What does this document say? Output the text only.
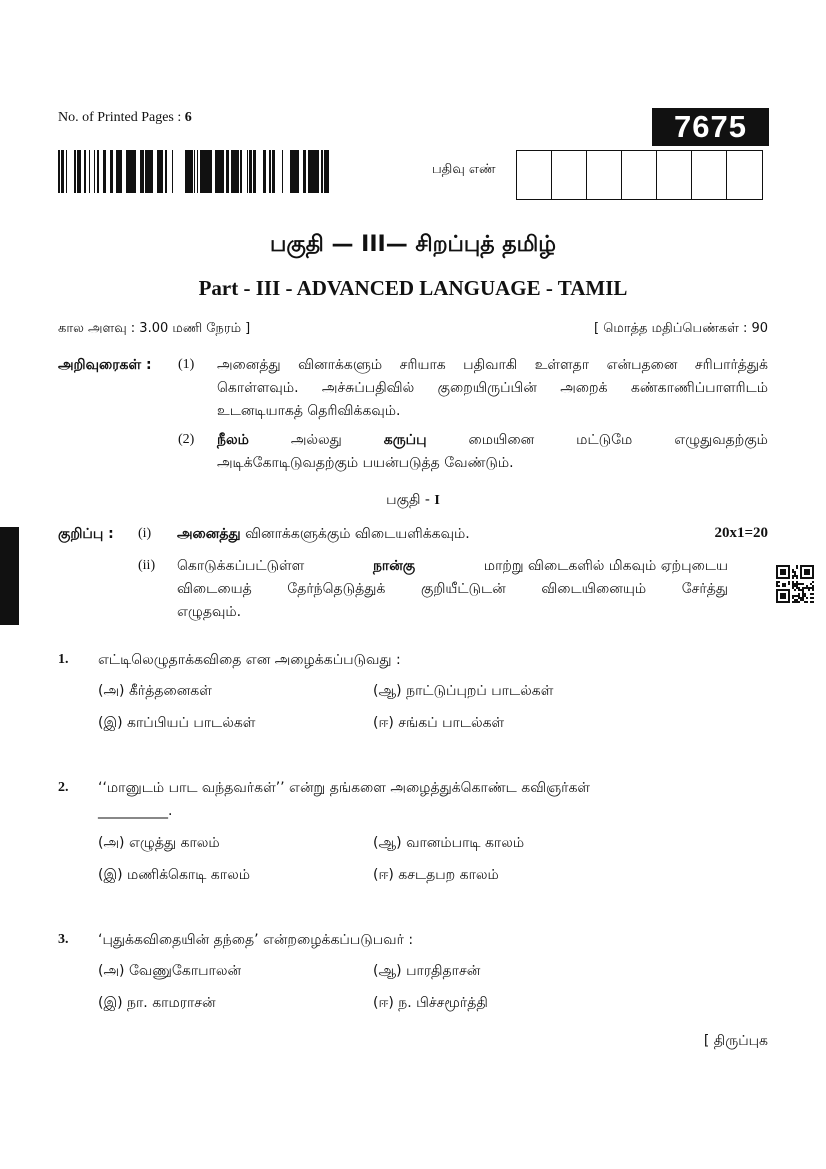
No. of Printed Pages : 6	7675
பதிவு எண்
பகுதி — III— சிறப்புத் தமிழ்
Part - III - ADVANCED LANGUAGE - TAMIL
கால அளவு : 3.00 மணி நேரம் ]	[ மொத்த மதிப்பெண்கள் : 90
அறிவுரைகள் : (1) அனைத்து வினாக்களும் சரியாக பதிவாகி உள்ளதா என்பதனை சரிபார்த்துக்
கொள்ளவும். அச்சுப்பதிவில் குறையிருப்பின் அறைக் கண்காணிப்பாளரிடம்
உடனடியாகத் தெரிவிக்கவும்.
(2) நீலம்	அல்லது	கருப்பு	மையினை	மட்டுமே	எழுதுவதற்கும்
அடிக்கோடிடுவதற்கும் பயன்படுத்த வேண்டும்.
பகுதி - I
குறிப்பு : (i) அனைத்து வினாக்களுக்கும் விடையளிக்கவும்.	20x1=20
(ii) கொடுக்கப்பட்டுள்ள	நான்கு	மாற்று விடைகளில் மிகவும் ஏற்புடைய
விடையைத் தேர்ந்தெடுத்துக் குறியீட்டுடன் விடையினையும் சேர்த்து
எழுதவும்.
1. எட்டிலெழுதாக்கவிதை என அழைக்கப்படுவது :
(அ) கீர்த்தனைகள்	(ஆ) நாட்டுப்புறப் பாடல்கள்
(இ) காப்பியப் பாடல்கள்	(ஈ) சங்கப் பாடல்கள்
2. ‘‘மானுடம் பாட வந்தவர்கள்’’ என்று தங்களை அழைத்துக்கொண்ட கவிஞர்கள்
__________.
(அ) எழுத்து காலம்	(ஆ) வானம்பாடி காலம்
(இ) மணிக்கொடி காலம்	(ஈ) கசடதபற காலம்
3. ‘புதுக்கவிதையின் தந்தை’ என்றழைக்கப்படுபவர் :
(அ) வேணுகோபாலன்	(ஆ) பாரதிதாசன்
(இ) நா. காமராசன்	(ஈ) ந. பிச்சமூர்த்தி
[ திருப்புக
